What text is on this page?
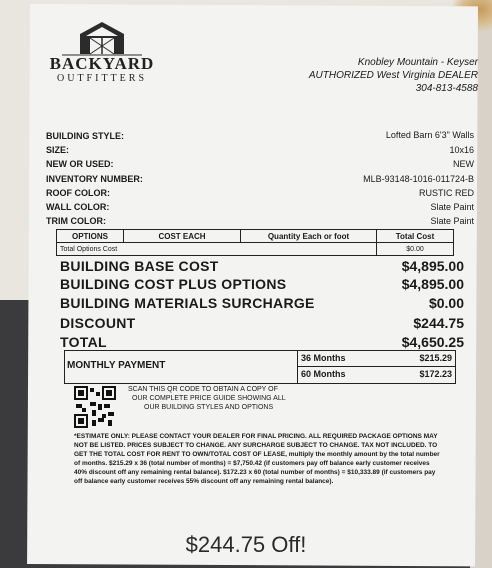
BACKYARD
OUTFITTERS
Knobley Mountain - Keyser
AUTHORIZED West Virginia DEALER
304-813-4588
BUILDING STYLE:	Lofted Barn 6'3" Walls
SIZE:	10x16
NEW OR USED:	NEW
INVENTORY NUMBER:	MLB-93148-1016-011724-B
ROOF COLOR:	RUSTIC RED
WALL COLOR:	Slate Paint
TRIM COLOR:	Slate Paint
OPTIONS	COST EACH	Quantity Each or foot	Total Cost
Total Options Cost			$0.00
BUILDING BASE COST	$4,895.00
BUILDING COST PLUS OPTIONS	$4,895.00
BUILDING MATERIALS SURCHARGE	$0.00
DISCOUNT	$244.75
TOTAL	$4,650.25
MONTHLY PAYMENT
36 Months	$215.29
60 Months	$172.23
SCAN THIS QR CODE TO OBTAIN A COPY OF
OUR COMPLETE PRICE GUIDE SHOWING ALL
OUR BUILDING STYLES AND OPTIONS
*ESTIMATE ONLY: PLEASE CONTACT YOUR DEALER FOR FINAL PRICING. ALL REQUIRED PACKAGE OPTIONS MAY NOT BE LISTED. PRICES SUBJECT TO CHANGE. ANY SURCHARGE SUBJECT TO CHANGE. TAX NOT INCLUDED. TO GET THE TOTAL COST FOR RENT TO OWN/TOTAL COST OF LEASE, multiply the monthly amount by the total number of months. $215.29 x 36 (total number of months) = $7,750.42 (if customers pay off balance early customer receives 40% discount off any remaining rental balance). $172.23 x 60 (total number of months) = $10,333.89 (if customers pay off balance early customer receives 55% discount off any remaining rental balance).
$244.75 Off!
